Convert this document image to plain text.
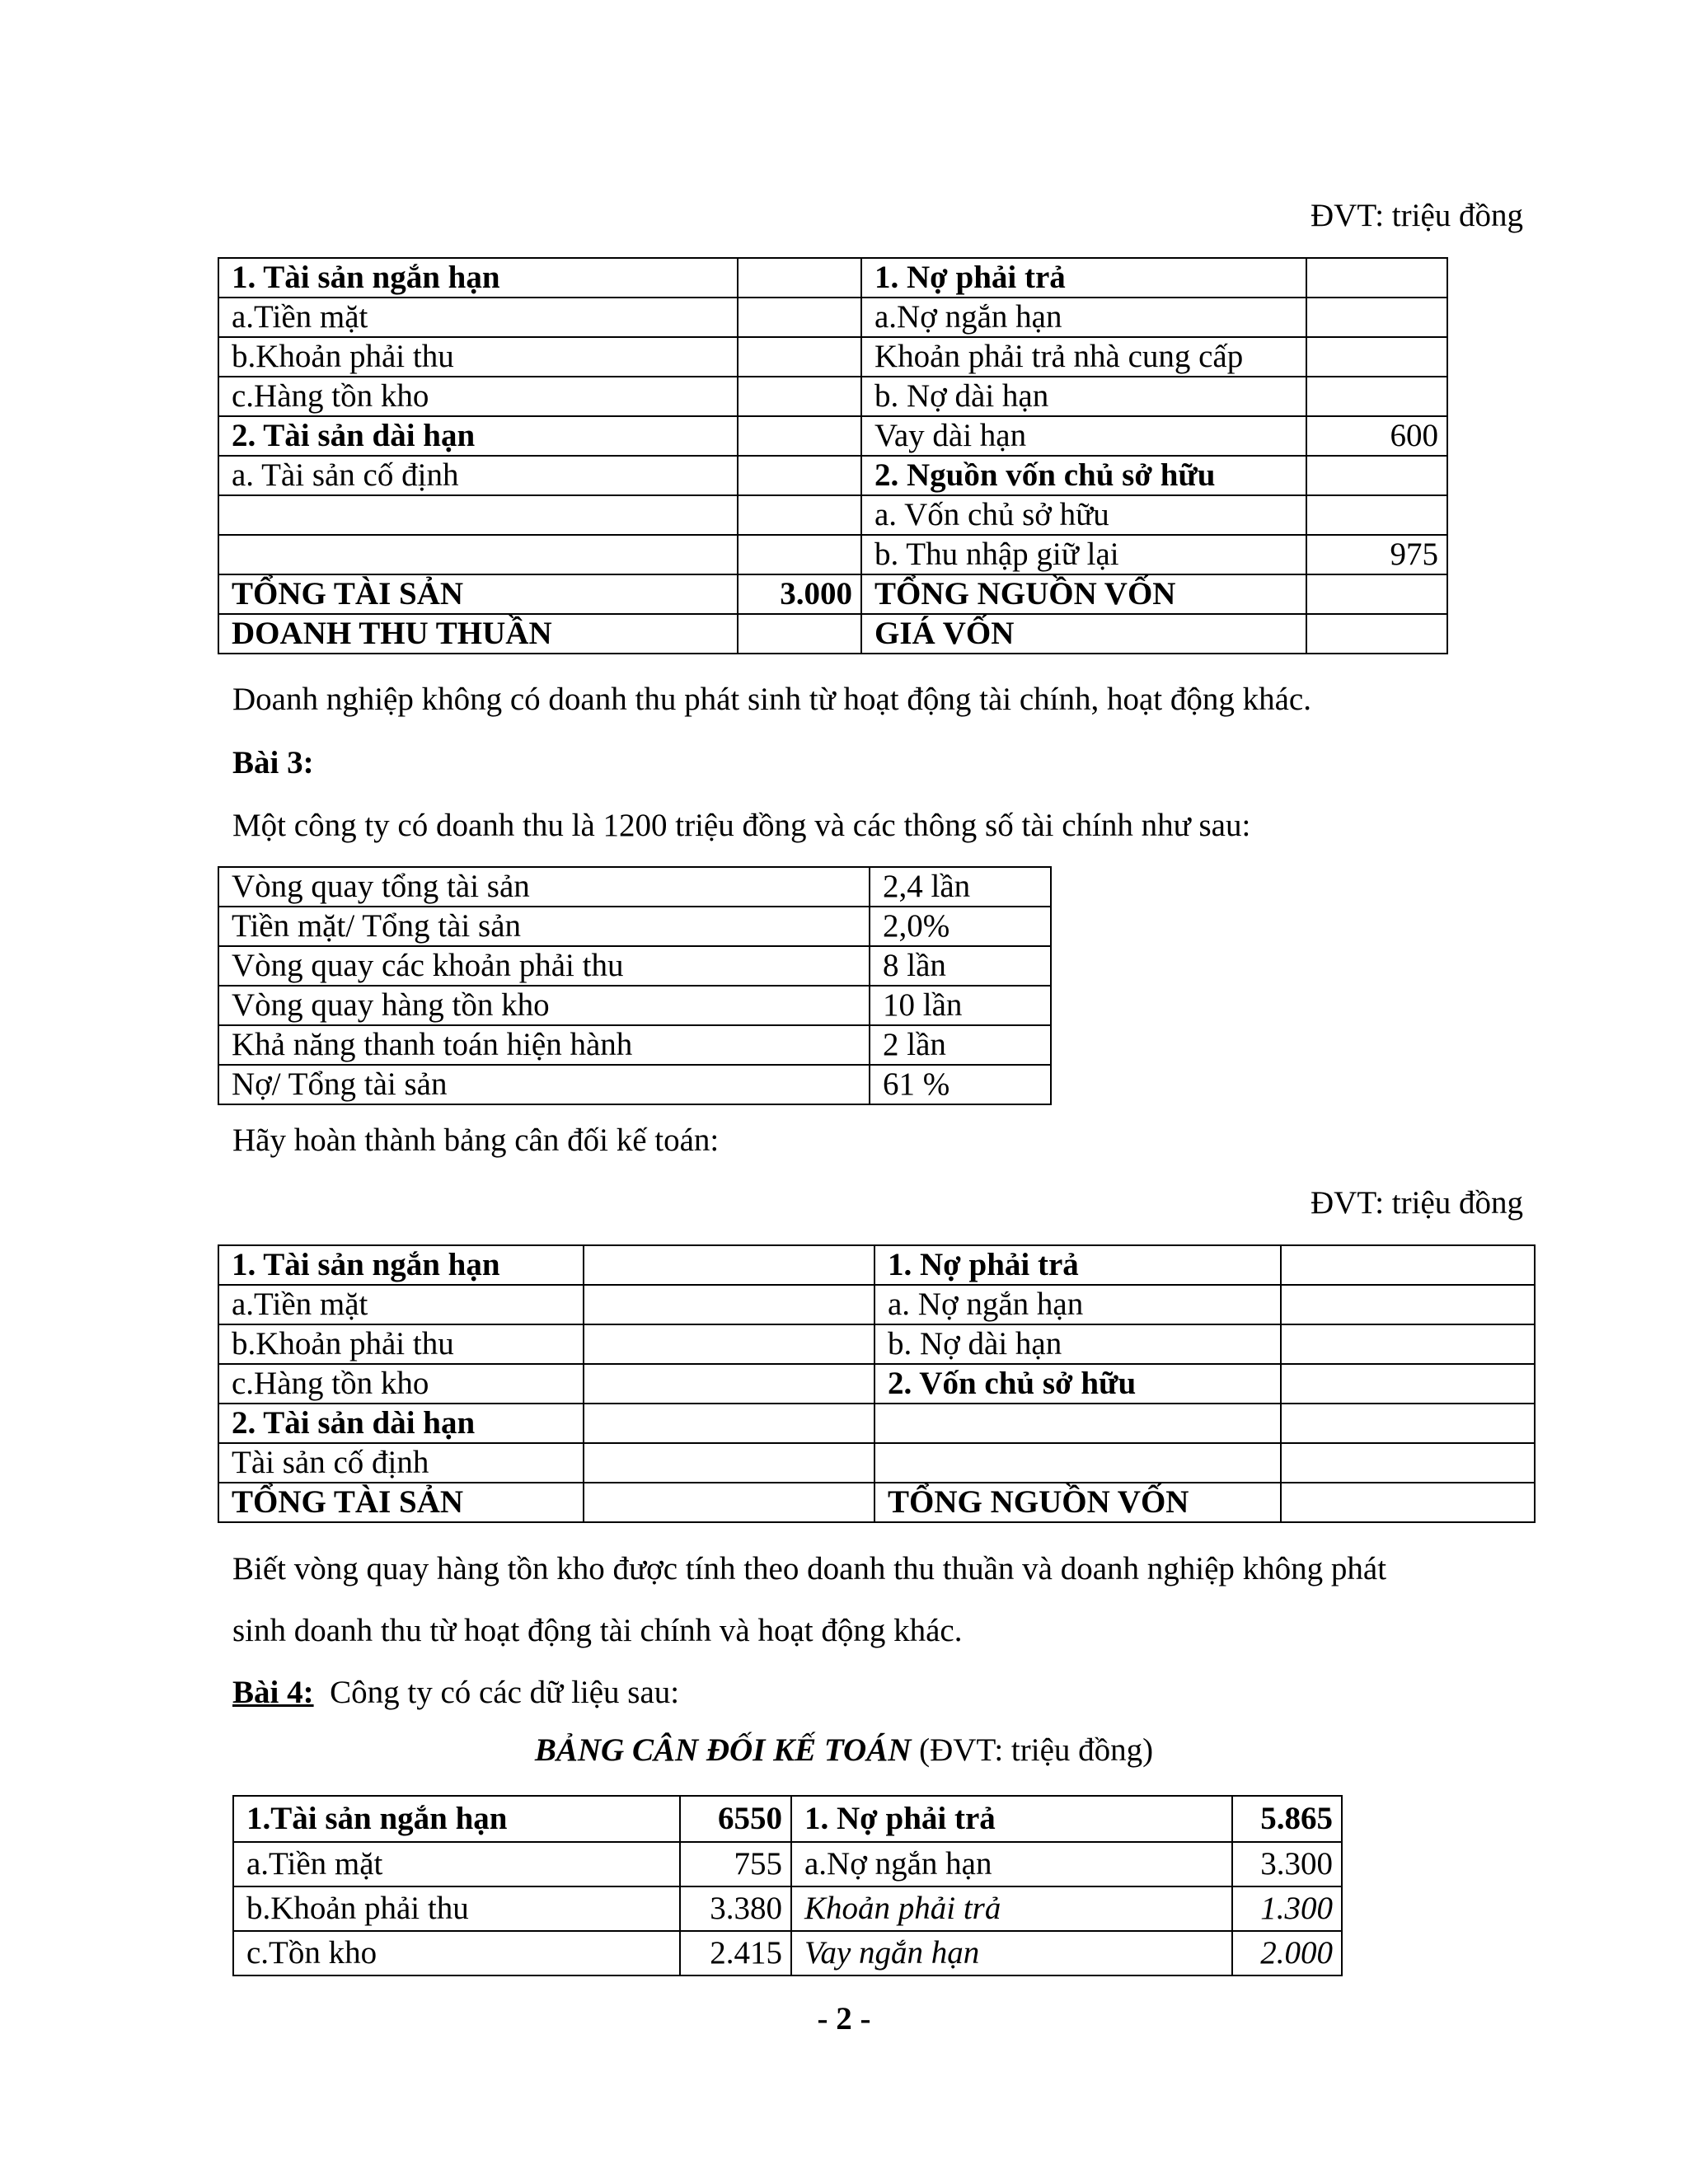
ĐVT: triệu đồng
1. Tài sản ngắn hạn		1. Nợ phải trả	
a.Tiền mặt		a.Nợ ngắn hạn	
b.Khoản phải thu		Khoản phải trả nhà cung cấp	
c.Hàng tồn kho		b. Nợ dài hạn	
2. Tài sản dài hạn		Vay dài hạn	600
a. Tài sản cố định		2. Nguồn vốn chủ sở hữu	
		a. Vốn chủ sở hữu	
		b. Thu nhập giữ lại	975
TỔNG TÀI SẢN	3.000	TỔNG NGUỒN VỐN	
DOANH THU THUẦN		GIÁ VỐN	
Doanh nghiệp không có doanh thu phát sinh từ hoạt động tài chính, hoạt động khác.
Bài 3:
Một công ty có doanh thu là 1200 triệu đồng và các thông số tài chính như sau:
Vòng quay tổng tài sản	2,4 lần
Tiền mặt/ Tổng tài sản	2,0%
Vòng quay các khoản phải thu	8 lần
Vòng quay hàng tồn kho	10 lần
Khả năng thanh toán hiện hành	2 lần
Nợ/ Tổng tài sản	61 %
Hãy hoàn thành bảng cân đối kế toán:
ĐVT: triệu đồng
1. Tài sản ngắn hạn		1. Nợ phải trả	
a.Tiền mặt		a. Nợ ngắn hạn	
b.Khoản phải thu		b. Nợ dài hạn	
c.Hàng tồn kho		2. Vốn chủ sở hữu	
2. Tài sản dài hạn			
Tài sản cố định			
TỔNG TÀI SẢN		TỔNG NGUỒN VỐN	
Biết vòng quay hàng tồn kho được tính theo doanh thu thuần và doanh nghiệp không phát
sinh doanh thu từ hoạt động tài chính và hoạt động khác.
Bài 4: Công ty có các dữ liệu sau:
BẢNG CÂN ĐỐI KẾ TOÁN (ĐVT: triệu đồng)
1.Tài sản ngắn hạn	6550	1. Nợ phải trả	5.865
a.Tiền mặt	755	a.Nợ ngắn hạn	3.300
b.Khoản phải thu	3.380	Khoản phải trả	1.300
c.Tồn kho	2.415	Vay ngắn hạn	2.000
- 2 -
